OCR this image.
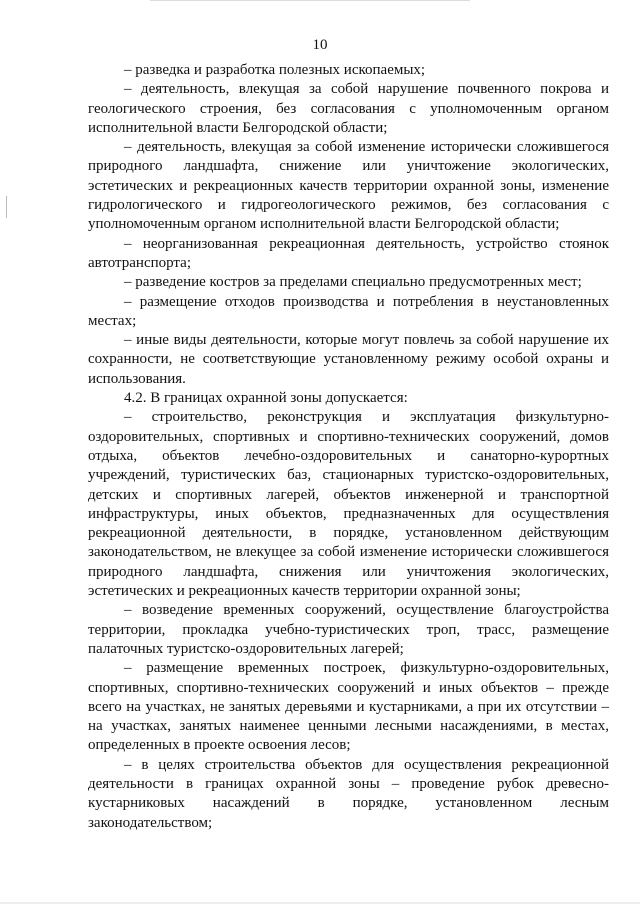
10

– разведка и разработка полезных ископаемых;

– деятельность, влекущая за собой нарушение почвенного покрова и геологического строения, без согласования с уполномоченным органом исполнительной власти Белгородской области;

– деятельность, влекущая за собой изменение исторически сложившегося природного ландшафта, снижение или уничтожение экологических, эстетических и рекреационных качеств территории охранной зоны, изменение гидрологического и гидрогеологического режимов, без согласования с уполномоченным органом исполнительной власти Белгородской области;

– неорганизованная рекреационная деятельность, устройство стоянок автотранспорта;

– разведение костров за пределами специально предусмотренных мест;

– размещение отходов производства и потребления в неустановленных местах;

– иные виды деятельности, которые могут повлечь за собой нарушение их сохранности, не соответствующие установленному режиму особой охраны и использования.

4.2. В границах охранной зоны допускается:

– строительство, реконструкция и эксплуатация физкультурно-оздоровительных, спортивных и спортивно-технических сооружений, домов отдыха, объектов лечебно-оздоровительных и санаторно-курортных учреждений, туристических баз, стационарных туристско-оздоровительных, детских и спортивных лагерей, объектов инженерной и транспортной инфраструктуры, иных объектов, предназначенных для осуществления рекреационной деятельности, в порядке, установленном действующим законодательством, не влекущее за собой изменение исторически сложившегося природного ландшафта, снижения или уничтожения экологических, эстетических и рекреационных качеств территории охранной зоны;

– возведение временных сооружений, осуществление благоустройства территории, прокладка учебно-туристических троп, трасс, размещение палаточных туристско-оздоровительных лагерей;

– размещение временных построек, физкультурно-оздоровительных, спортивных, спортивно-технических сооружений и иных объектов – прежде всего на участках, не занятых деревьями и кустарниками, а при их отсутствии – на участках, занятых наименее ценными лесными насаждениями, в местах, определенных в проекте освоения лесов;

– в целях строительства объектов для осуществления рекреационной деятельности в границах охранной зоны – проведение рубок древесно-кустарниковых насаждений в порядке, установленном лесным законодательством;
